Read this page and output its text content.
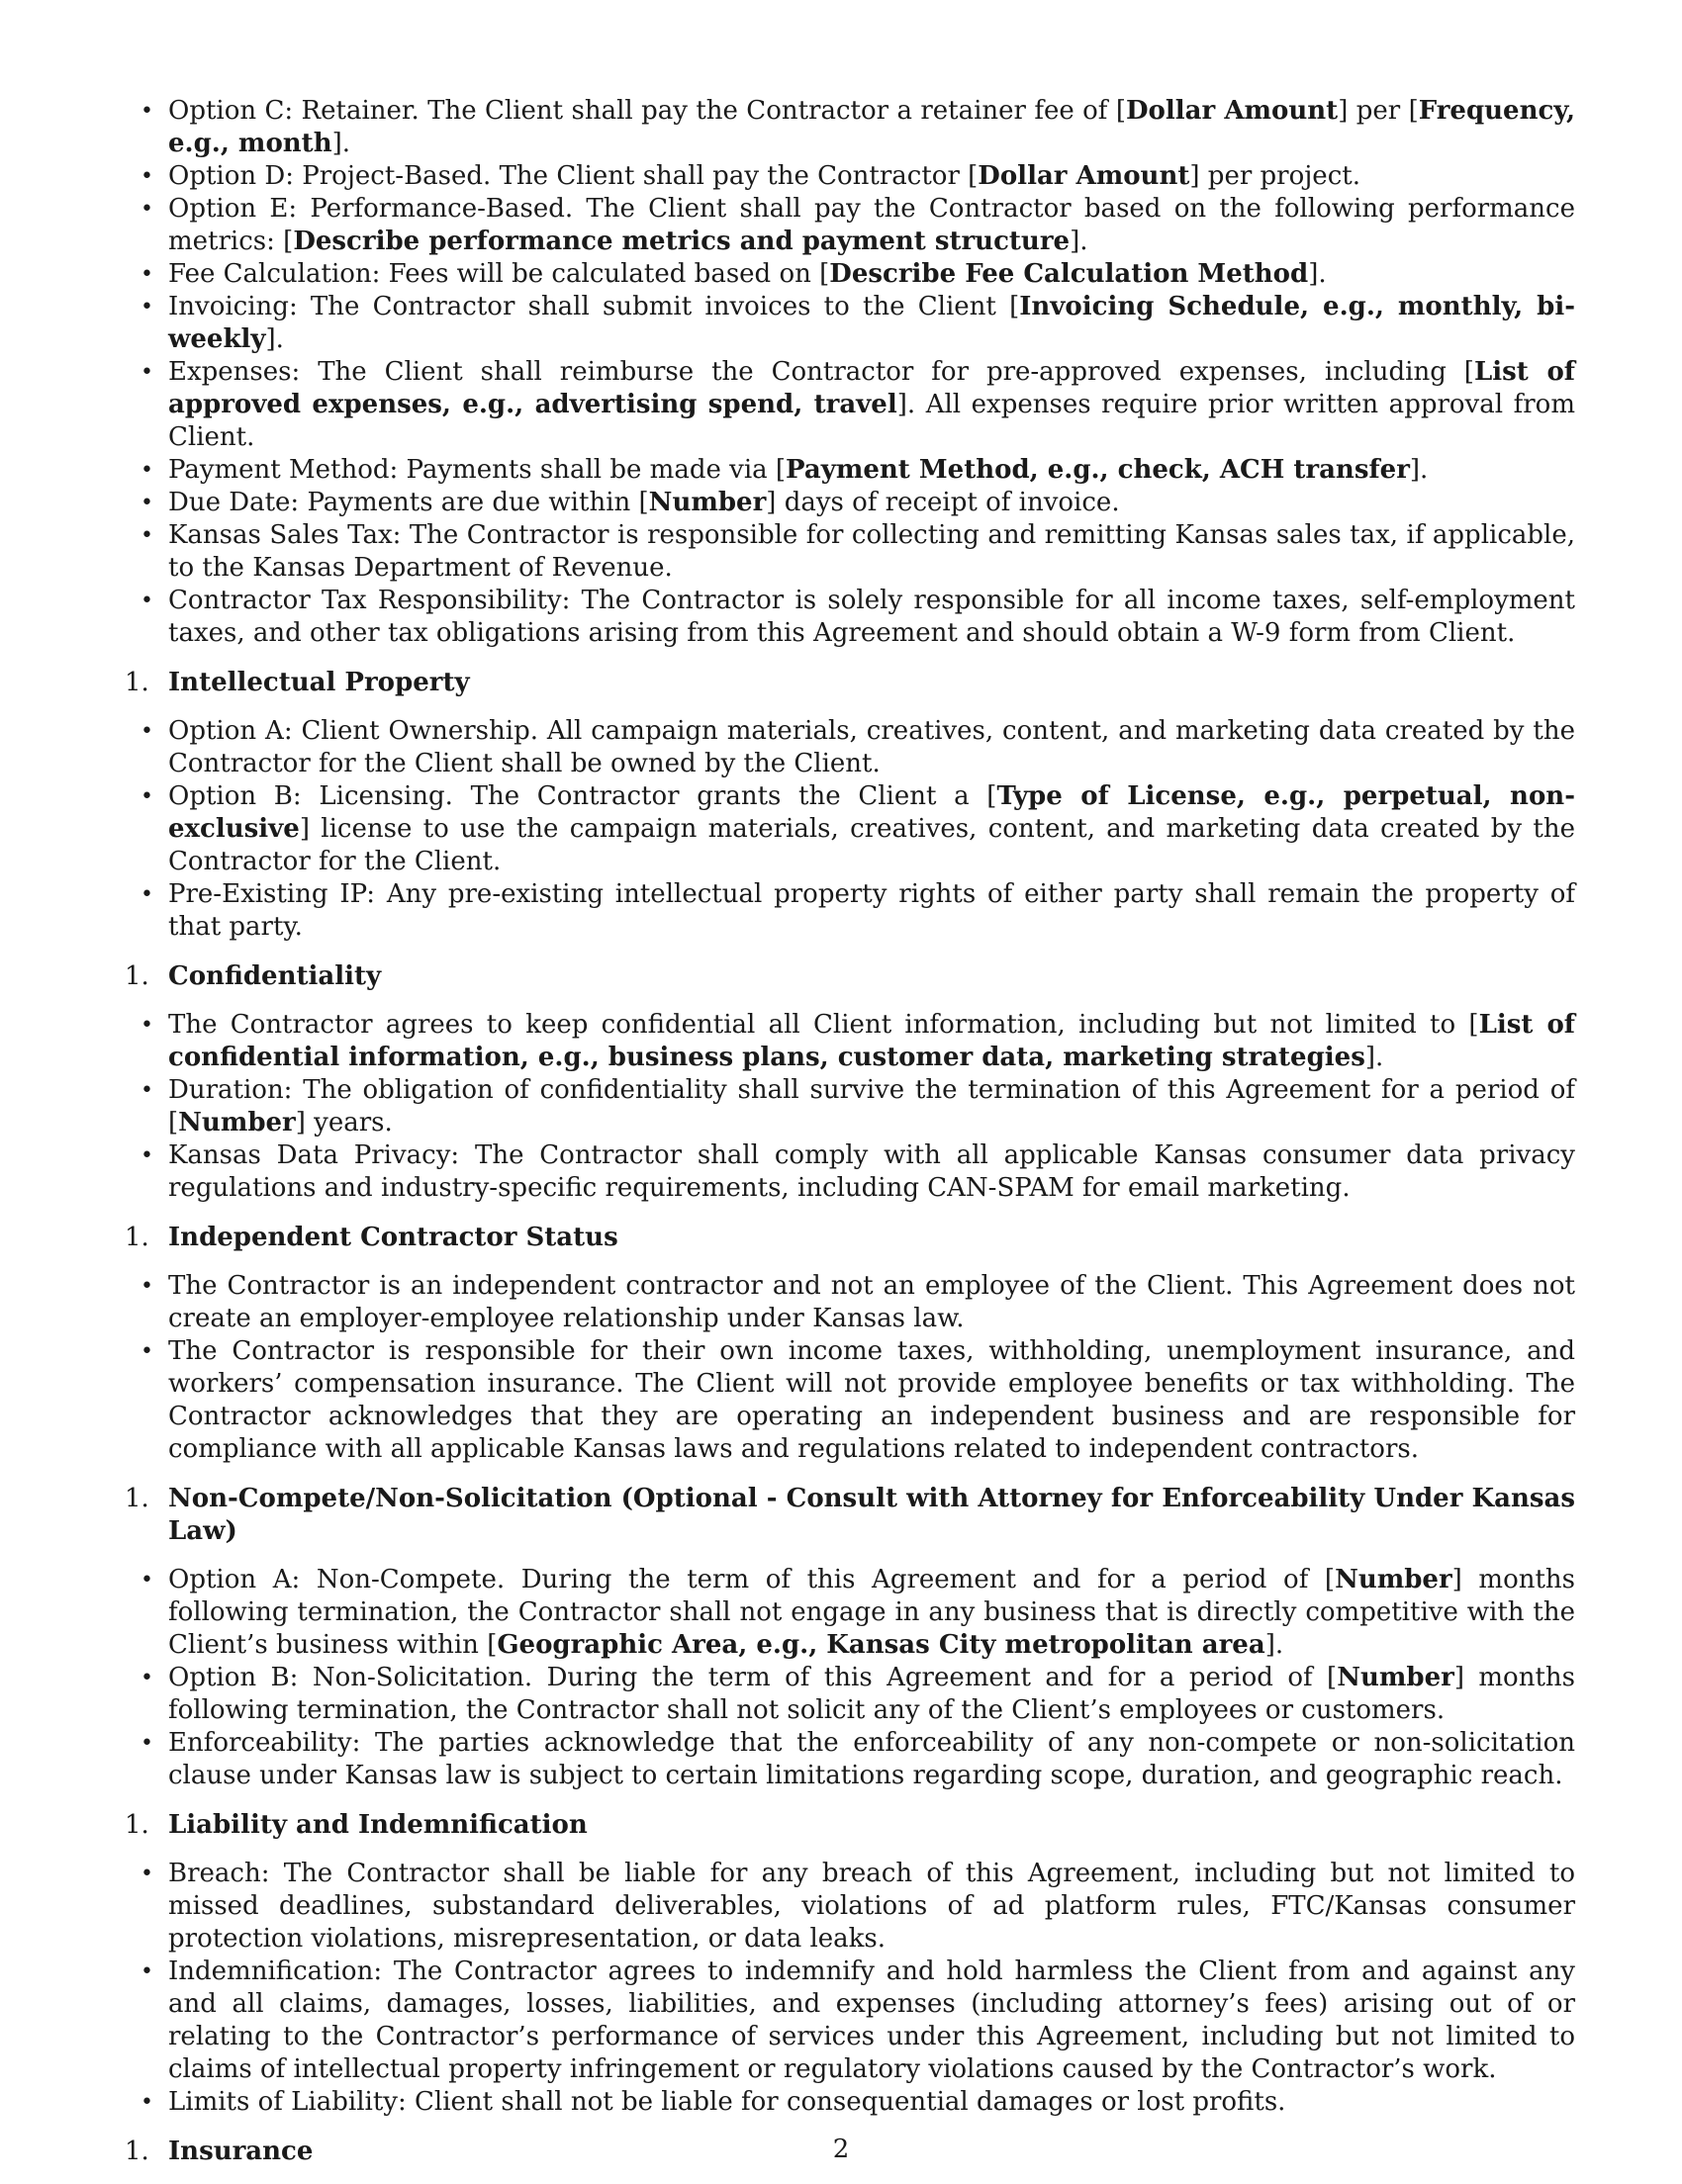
• Option C: Retainer. The Client shall pay the Contractor a retainer fee of [Dollar Amount] per [Frequency, e.g., month].
• Option D: Project-Based. The Client shall pay the Contractor [Dollar Amount] per project.
• Option E: Performance-Based. The Client shall pay the Contractor based on the following performance metrics: [Describe performance metrics and payment structure].
• Fee Calculation: Fees will be calculated based on [Describe Fee Calculation Method].
• Invoicing: The Contractor shall submit invoices to the Client [Invoicing Schedule, e.g., monthly, bi-weekly].
• Expenses: The Client shall reimburse the Contractor for pre-approved expenses, including [List of approved expenses, e.g., advertising spend, travel]. All expenses require prior written approval from Client.
• Payment Method: Payments shall be made via [Payment Method, e.g., check, ACH transfer].
• Due Date: Payments are due within [Number] days of receipt of invoice.
• Kansas Sales Tax: The Contractor is responsible for collecting and remitting Kansas sales tax, if applicable, to the Kansas Department of Revenue.
• Contractor Tax Responsibility: The Contractor is solely responsible for all income taxes, self-employment taxes, and other tax obligations arising from this Agreement and should obtain a W-9 form from Client.
1. Intellectual Property
• Option A: Client Ownership. All campaign materials, creatives, content, and marketing data created by the Contractor for the Client shall be owned by the Client.
• Option B: Licensing. The Contractor grants the Client a [Type of License, e.g., perpetual, non-exclusive] license to use the campaign materials, creatives, content, and marketing data created by the Contractor for the Client.
• Pre-Existing IP: Any pre-existing intellectual property rights of either party shall remain the property of that party.
1. Confidentiality
• The Contractor agrees to keep confidential all Client information, including but not limited to [List of confidential information, e.g., business plans, customer data, marketing strategies].
• Duration: The obligation of confidentiality shall survive the termination of this Agreement for a period of [Number] years.
• Kansas Data Privacy: The Contractor shall comply with all applicable Kansas consumer data privacy regulations and industry-specific requirements, including CAN-SPAM for email marketing.
1. Independent Contractor Status
• The Contractor is an independent contractor and not an employee of the Client. This Agreement does not create an employer-employee relationship under Kansas law.
• The Contractor is responsible for their own income taxes, withholding, unemployment insurance, and workers’ compensation insurance. The Client will not provide employee benefits or tax withholding. The Contractor acknowledges that they are operating an independent business and are responsible for compliance with all applicable Kansas laws and regulations related to independent contractors.
1. Non-Compete/Non-Solicitation (Optional - Consult with Attorney for Enforceability Under Kansas Law)
• Option A: Non-Compete. During the term of this Agreement and for a period of [Number] months following termination, the Contractor shall not engage in any business that is directly competitive with the Client’s business within [Geographic Area, e.g., Kansas City metropolitan area].
• Option B: Non-Solicitation. During the term of this Agreement and for a period of [Number] months following termination, the Contractor shall not solicit any of the Client’s employees or customers.
• Enforceability: The parties acknowledge that the enforceability of any non-compete or non-solicitation clause under Kansas law is subject to certain limitations regarding scope, duration, and geographic reach.
1. Liability and Indemnification
• Breach: The Contractor shall be liable for any breach of this Agreement, including but not limited to missed deadlines, substandard deliverables, violations of ad platform rules, FTC/Kansas consumer protection violations, misrepresentation, or data leaks.
• Indemnification: The Contractor agrees to indemnify and hold harmless the Client from and against any and all claims, damages, losses, liabilities, and expenses (including attorney’s fees) arising out of or relating to the Contractor’s performance of services under this Agreement, including but not limited to claims of intellectual property infringement or regulatory violations caused by the Contractor’s work.
• Limits of Liability: Client shall not be liable for consequential damages or lost profits.
1. Insurance	2
